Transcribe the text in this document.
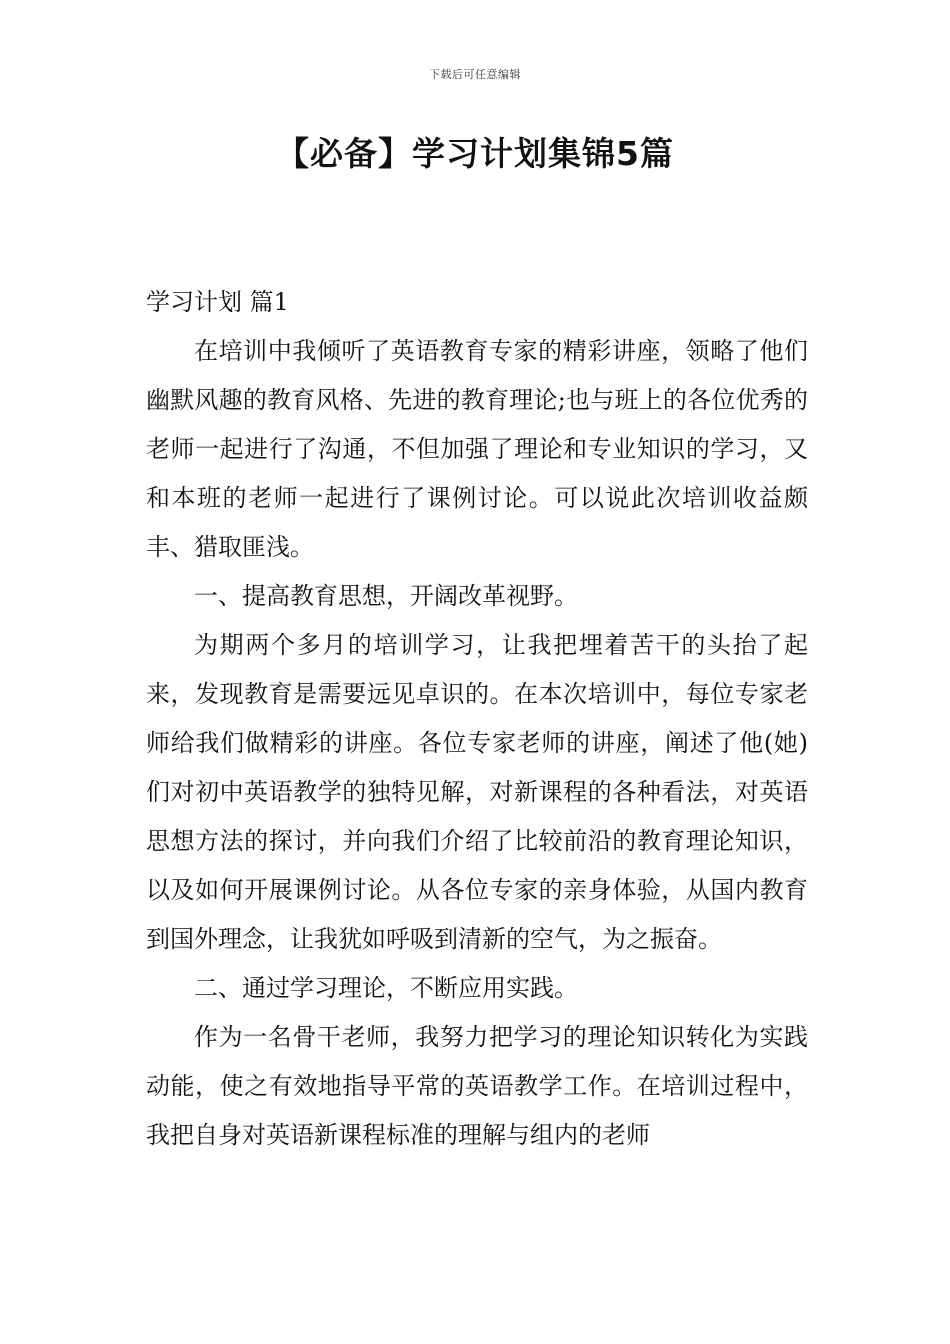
下载后可任意编辑
【必备】学习计划集锦5篇
学习计划 篇1

在培训中我倾听了英语教育专家的精彩讲座，领略了他们幽默风趣的教育风格、先进的教育理论;也与班上的各位优秀的老师一起进行了沟通，不但加强了理论和专业知识的学习，又和本班的老师一起进行了课例讨论。可以说此次培训收益颇丰、猎取匪浅。

一、提高教育思想，开阔改革视野。

为期两个多月的培训学习，让我把埋着苦干的头抬了起来，发现教育是需要远见卓识的。在本次培训中，每位专家老师给我们做精彩的讲座。各位专家老师的讲座，阐述了他(她)们对初中英语教学的独特见解，对新课程的各种看法，对英语思想方法的探讨，并向我们介绍了比较前沿的教育理论知识，以及如何开展课例讨论。从各位专家的亲身体验，从国内教育到国外理念，让我犹如呼吸到清新的空气，为之振奋。

二、通过学习理论，不断应用实践。

作为一名骨干老师，我努力把学习的理论知识转化为实践动能，使之有效地指导平常的英语教学工作。在培训过程中，我把自身对英语新课程标准的理解与组内的老师
